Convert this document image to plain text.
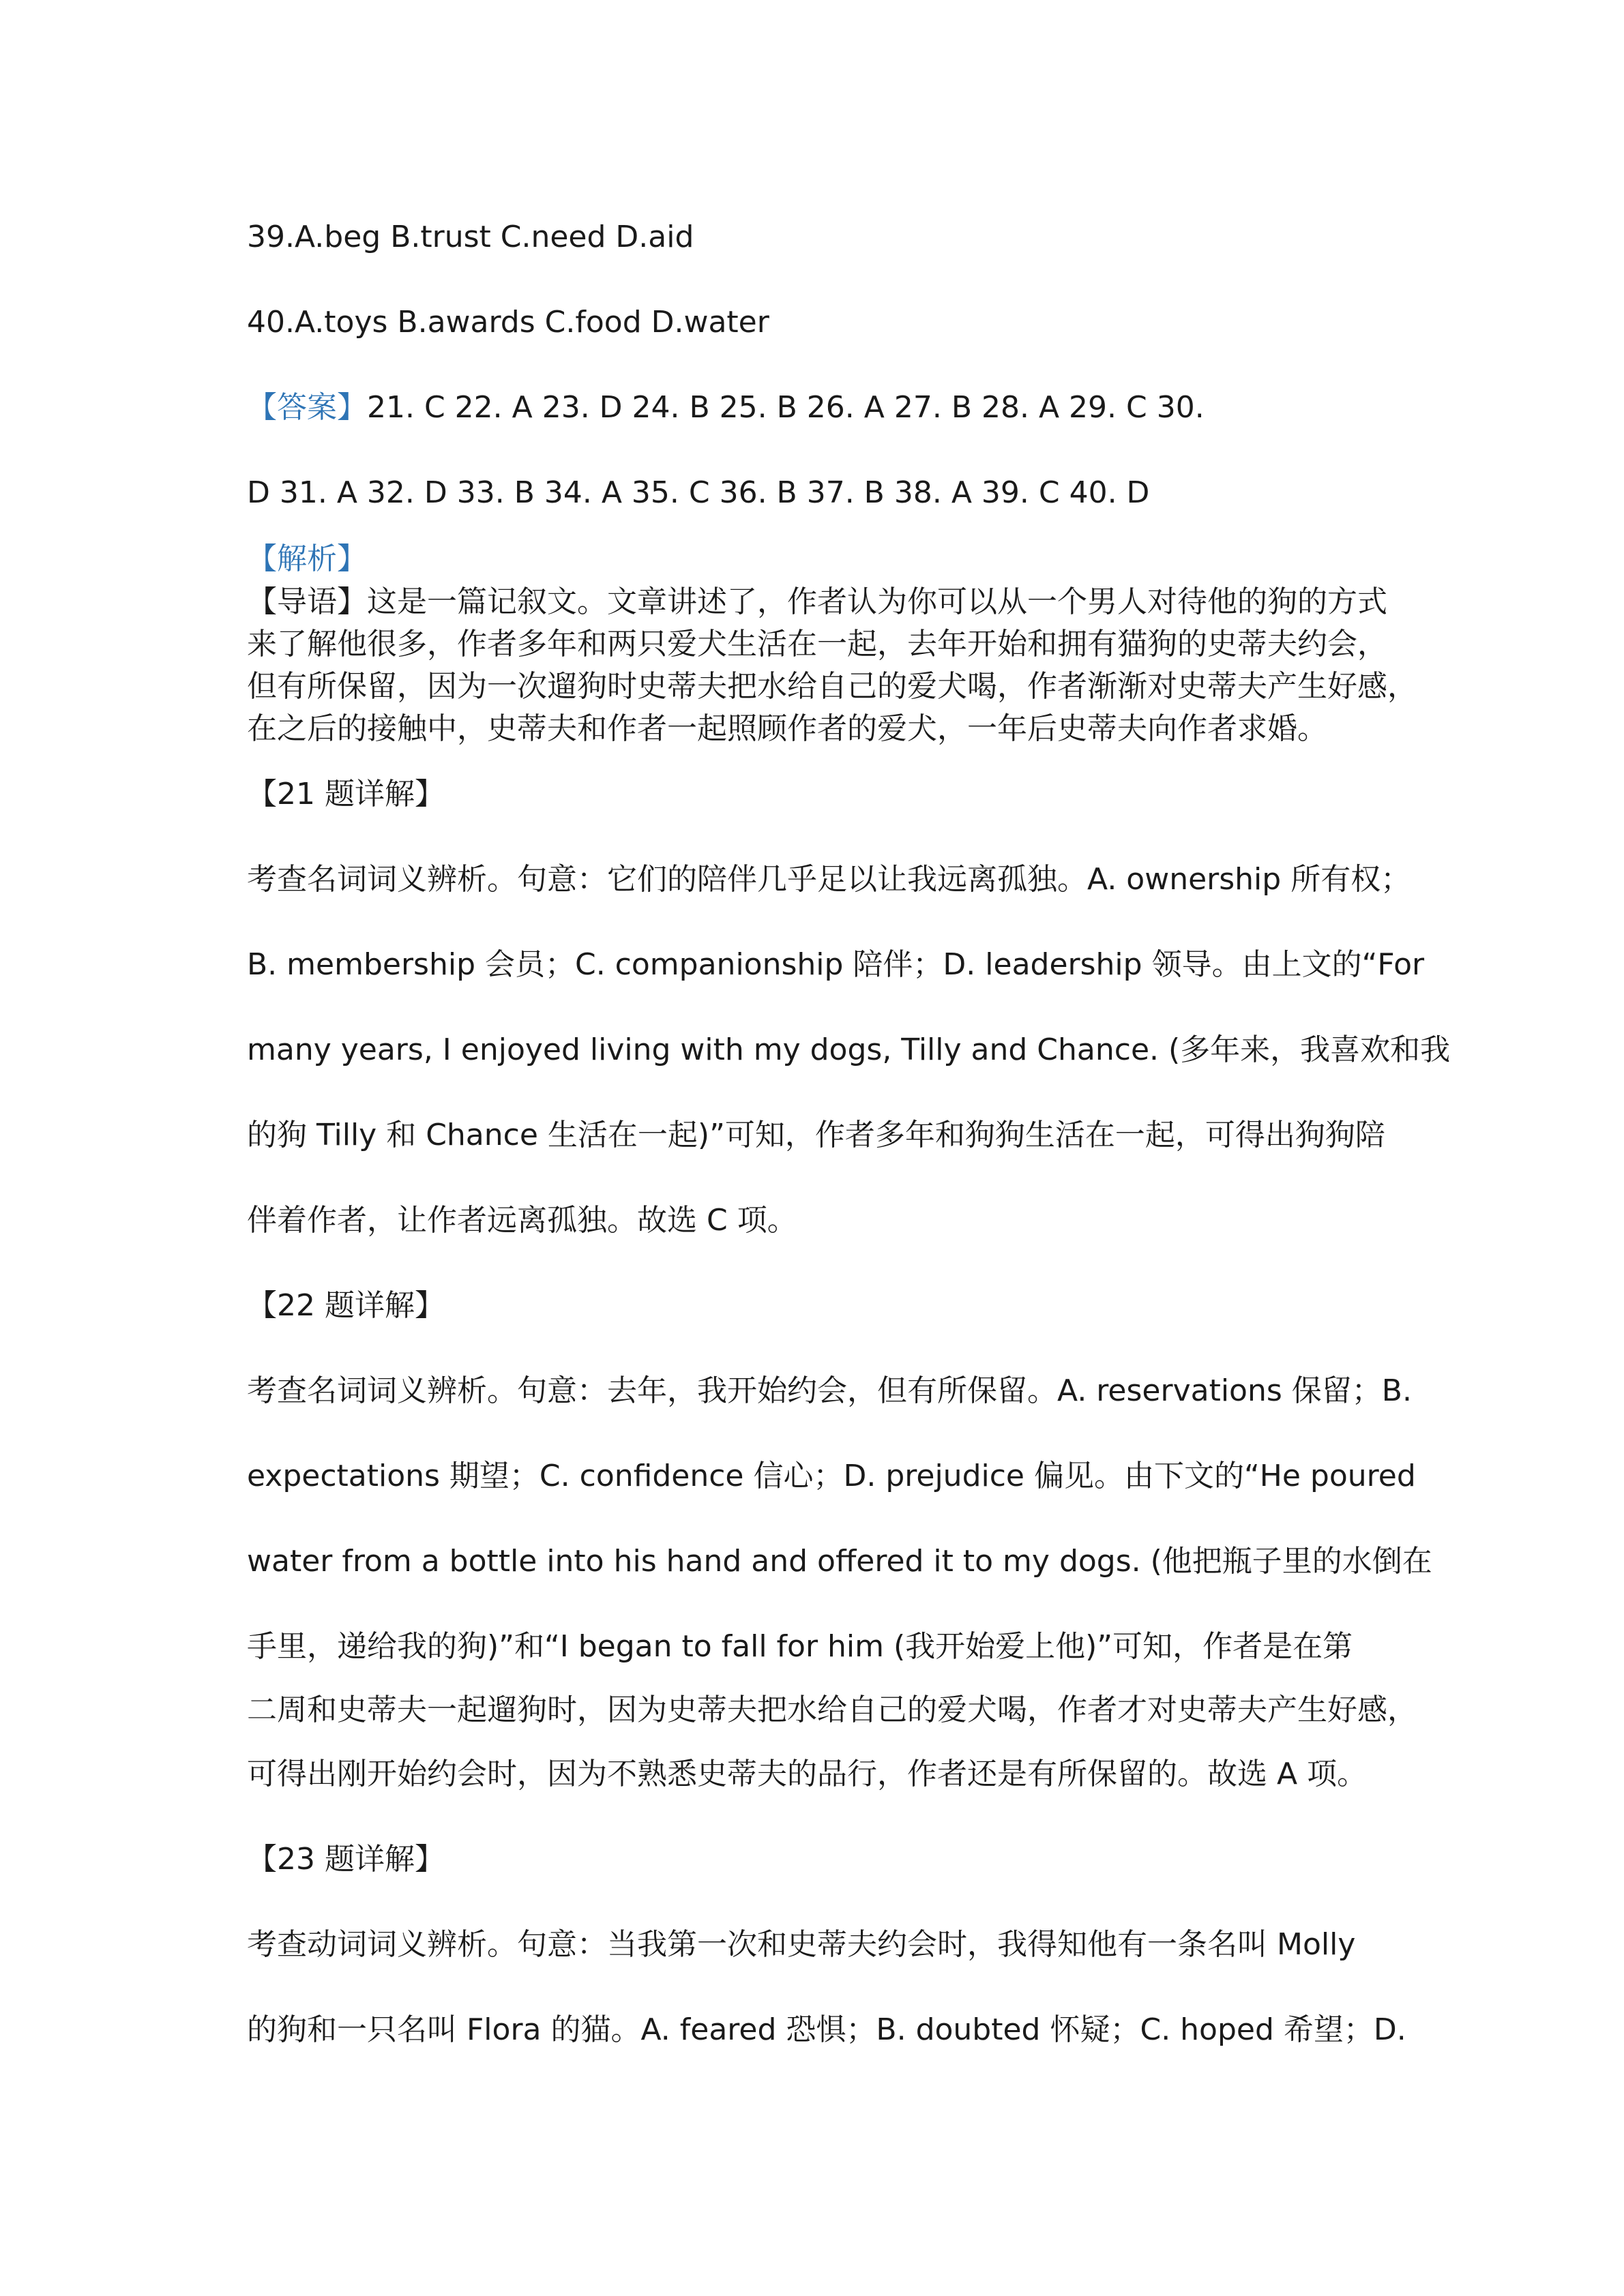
39.A.beg B.trust C.need D.aid
40.A.toys B.awards C.food D.water
【答案】21. C 22. A 23. D 24. B 25. B 26. A 27. B 28. A 29. C 30.
D 31. A 32. D 33. B 34. A 35. C 36. B 37. B 38. A 39. C 40. D
【解析】
【导语】这是一篇记叙文。文章讲述了，作者认为你可以从一个男人对待他的狗的方式
来了解他很多，作者多年和两只爱犬生活在一起，去年开始和拥有猫狗的史蒂夫约会，
但有所保留，因为一次遛狗时史蒂夫把水给自己的爱犬喝，作者渐渐对史蒂夫产生好感，
在之后的接触中，史蒂夫和作者一起照顾作者的爱犬，一年后史蒂夫向作者求婚。
【21 题详解】
考查名词词义辨析。句意：它们的陪伴几乎足以让我远离孤独。A. ownership 所有权；
B. membership 会员；C. companionship 陪伴；D. leadership 领导。由上文的“For
many years, I enjoyed living with my dogs, Tilly and Chance. (多年来，我喜欢和我
的狗 Tilly 和 Chance 生活在一起)”可知，作者多年和狗狗生活在一起，可得出狗狗陪
伴着作者，让作者远离孤独。故选 C 项。
【22 题详解】
考查名词词义辨析。句意：去年，我开始约会，但有所保留。A. reservations 保留；B.
expectations 期望；C. confidence 信心；D. prejudice 偏见。由下文的“He poured
water from a bottle into his hand and offered it to my dogs. (他把瓶子里的水倒在
手里，递给我的狗)”和“I began to fall for him (我开始爱上他)”可知，作者是在第
二周和史蒂夫一起遛狗时，因为史蒂夫把水给自己的爱犬喝，作者才对史蒂夫产生好感，
可得出刚开始约会时，因为不熟悉史蒂夫的品行，作者还是有所保留的。故选 A 项。
【23 题详解】
考查动词词义辨析。句意：当我第一次和史蒂夫约会时，我得知他有一条名叫 Molly
的狗和一只名叫 Flora 的猫。A. feared 恐惧；B. doubted 怀疑；C. hoped 希望；D.
